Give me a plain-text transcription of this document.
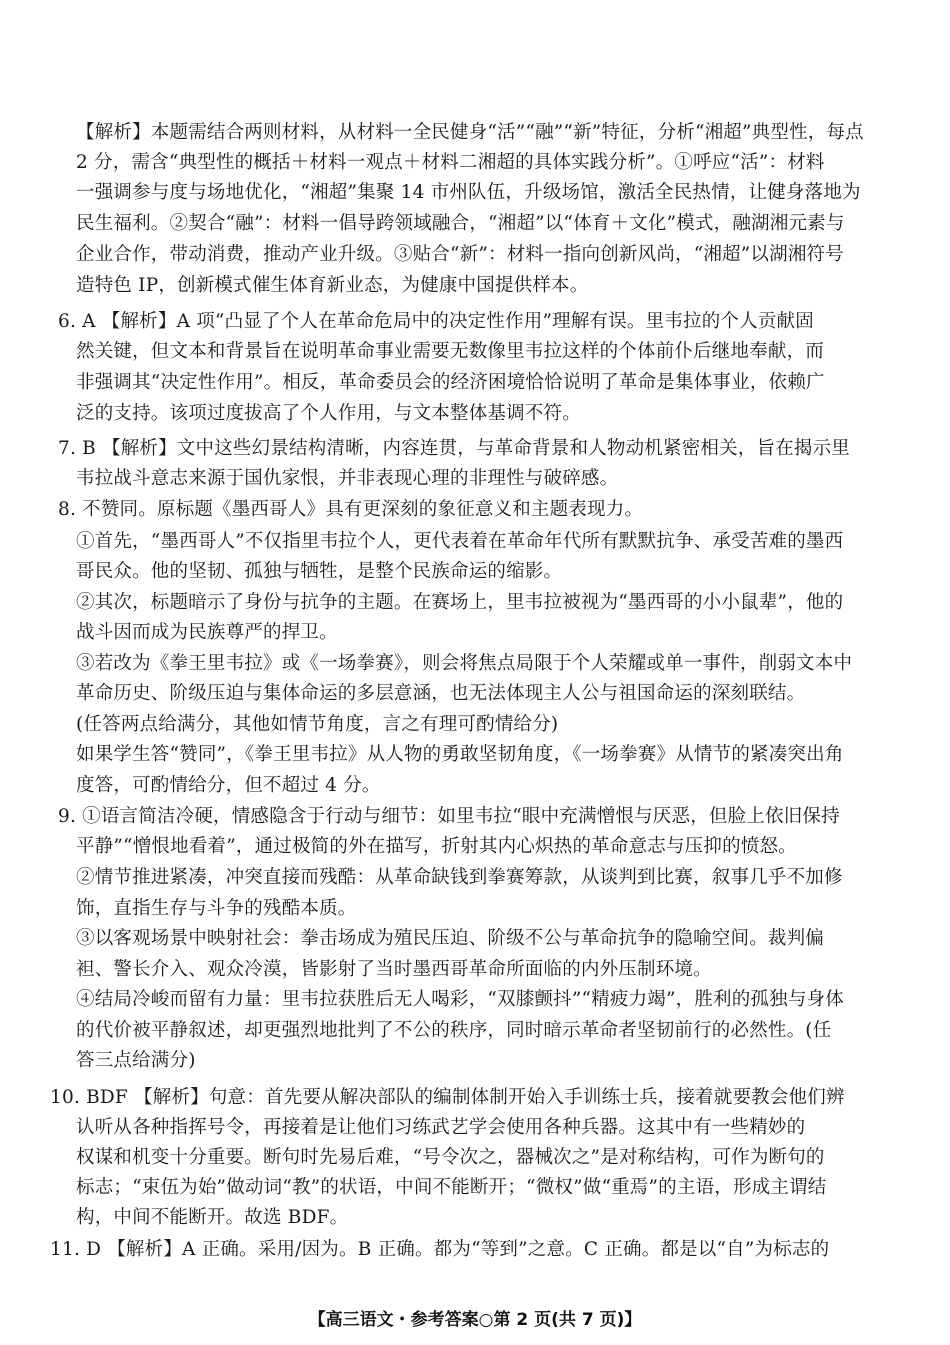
【解析】本题需结合两则材料，从材料一全民健身“活”“融”“新”特征，分析“湘超”典型性，每点
2 分，需含“典型性的概括＋材料一观点＋材料二湘超的具体实践分析”。①呼应“活”：材料
一强调参与度与场地优化，“湘超”集聚 14 市州队伍，升级场馆，激活全民热情，让健身落地为
民生福利。②契合“融”：材料一倡导跨领域融合，“湘超”以“体育＋文化”模式，融湖湘元素与
企业合作，带动消费，推动产业升级。③贴合“新”：材料一指向创新风尚，“湘超”以湖湘符号
造特色 IP，创新模式催生体育新业态，为健康中国提供样本。
6. A 【解析】A 项“凸显了个人在革命危局中的决定性作用”理解有误。里韦拉的个人贡献固
然关键，但文本和背景旨在说明革命事业需要无数像里韦拉这样的个体前仆后继地奉献，而
非强调其“决定性作用”。相反，革命委员会的经济困境恰恰说明了革命是集体事业，依赖广
泛的支持。该项过度拔高了个人作用，与文本整体基调不符。
7. B 【解析】文中这些幻景结构清晰，内容连贯，与革命背景和人物动机紧密相关，旨在揭示里
韦拉战斗意志来源于国仇家恨，并非表现心理的非理性与破碎感。
8. 不赞同。原标题《墨西哥人》具有更深刻的象征意义和主题表现力。
①首先，“墨西哥人”不仅指里韦拉个人，更代表着在革命年代所有默默抗争、承受苦难的墨西
哥民众。他的坚韧、孤独与牺牲，是整个民族命运的缩影。
②其次，标题暗示了身份与抗争的主题。在赛场上，里韦拉被视为“墨西哥的小小鼠辈”，他的
战斗因而成为民族尊严的捍卫。
③若改为《拳王里韦拉》或《一场拳赛》，则会将焦点局限于个人荣耀或单一事件，削弱文本中
革命历史、阶级压迫与集体命运的多层意涵，也无法体现主人公与祖国命运的深刻联结。
(任答两点给满分，其他如情节角度，言之有理可酌情给分)
如果学生答“赞同”，《拳王里韦拉》从人物的勇敢坚韧角度，《一场拳赛》从情节的紧凑突出角
度答，可酌情给分，但不超过 4 分。
9. ①语言简洁冷硬，情感隐含于行动与细节：如里韦拉“眼中充满憎恨与厌恶，但脸上依旧保持
平静”“憎恨地看着”，通过极简的外在描写，折射其内心炽热的革命意志与压抑的愤怒。
②情节推进紧凑，冲突直接而残酷：从革命缺钱到拳赛筹款，从谈判到比赛，叙事几乎不加修
饰，直指生存与斗争的残酷本质。
③以客观场景中映射社会：拳击场成为殖民压迫、阶级不公与革命抗争的隐喻空间。裁判偏
袒、警长介入、观众冷漠，皆影射了当时墨西哥革命所面临的内外压制环境。
④结局冷峻而留有力量：里韦拉获胜后无人喝彩，“双膝颤抖”“精疲力竭”，胜利的孤独与身体
的代价被平静叙述，却更强烈地批判了不公的秩序，同时暗示革命者坚韧前行的必然性。(任
答三点给满分)
10. BDF 【解析】句意：首先要从解决部队的编制体制开始入手训练士兵，接着就要教会他们辨
认听从各种指挥号令，再接着是让他们习练武艺学会使用各种兵器。这其中有一些精妙的
权谋和机变十分重要。断句时先易后难，“号令次之，器械次之”是对称结构，可作为断句的
标志；“束伍为始”做动词“教”的状语，中间不能断开；“微权”做“重焉”的主语，形成主谓结
构，中间不能断开。故选 BDF。
11. D 【解析】A 正确。采用/因为。B 正确。都为“等到”之意。C 正确。都是以“自”为标志的
【高三语文・参考答案○第 2 页(共 7 页)】
